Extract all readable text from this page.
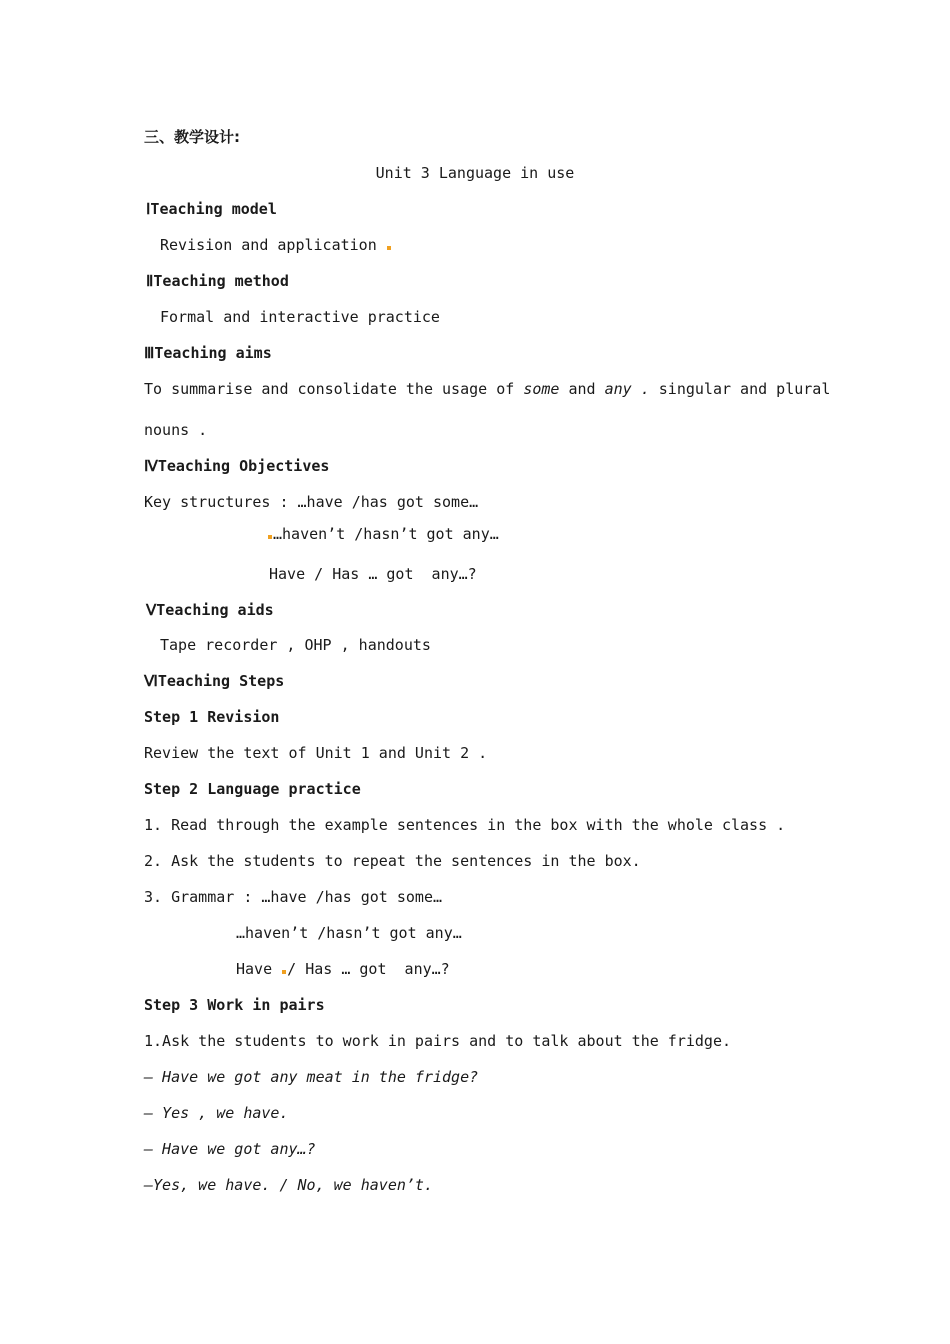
三、教学设计:
Unit 3 Language in use
ⅠTeaching model
Revision and application
ⅡTeaching method
Formal and interactive practice
ⅢTeaching aims
To summarise and consolidate the usage of some and any . singular and plural
nouns .
ⅣTeaching Objectives
Key structures : …have /has got some…
…haven’t /hasn’t got any…
Have / Has … got  any…?
ⅤTeaching aids
Tape recorder , OHP , handouts
ⅥTeaching Steps
Step 1 Revision
Review the text of Unit 1 and Unit 2 .
Step 2 Language practice
1. Read through the example sentences in the box with the whole class .
2. Ask the students to repeat the sentences in the box.
3. Grammar : …have /has got some…
…haven’t /hasn’t got any…
Have / Has … got  any…?
Step 3 Work in pairs
1.Ask the students to work in pairs and to talk about the fridge.
— Have we got any meat in the fridge?
— Yes , we have.
— Have we got any…?
—Yes, we have. / No, we haven’t.
